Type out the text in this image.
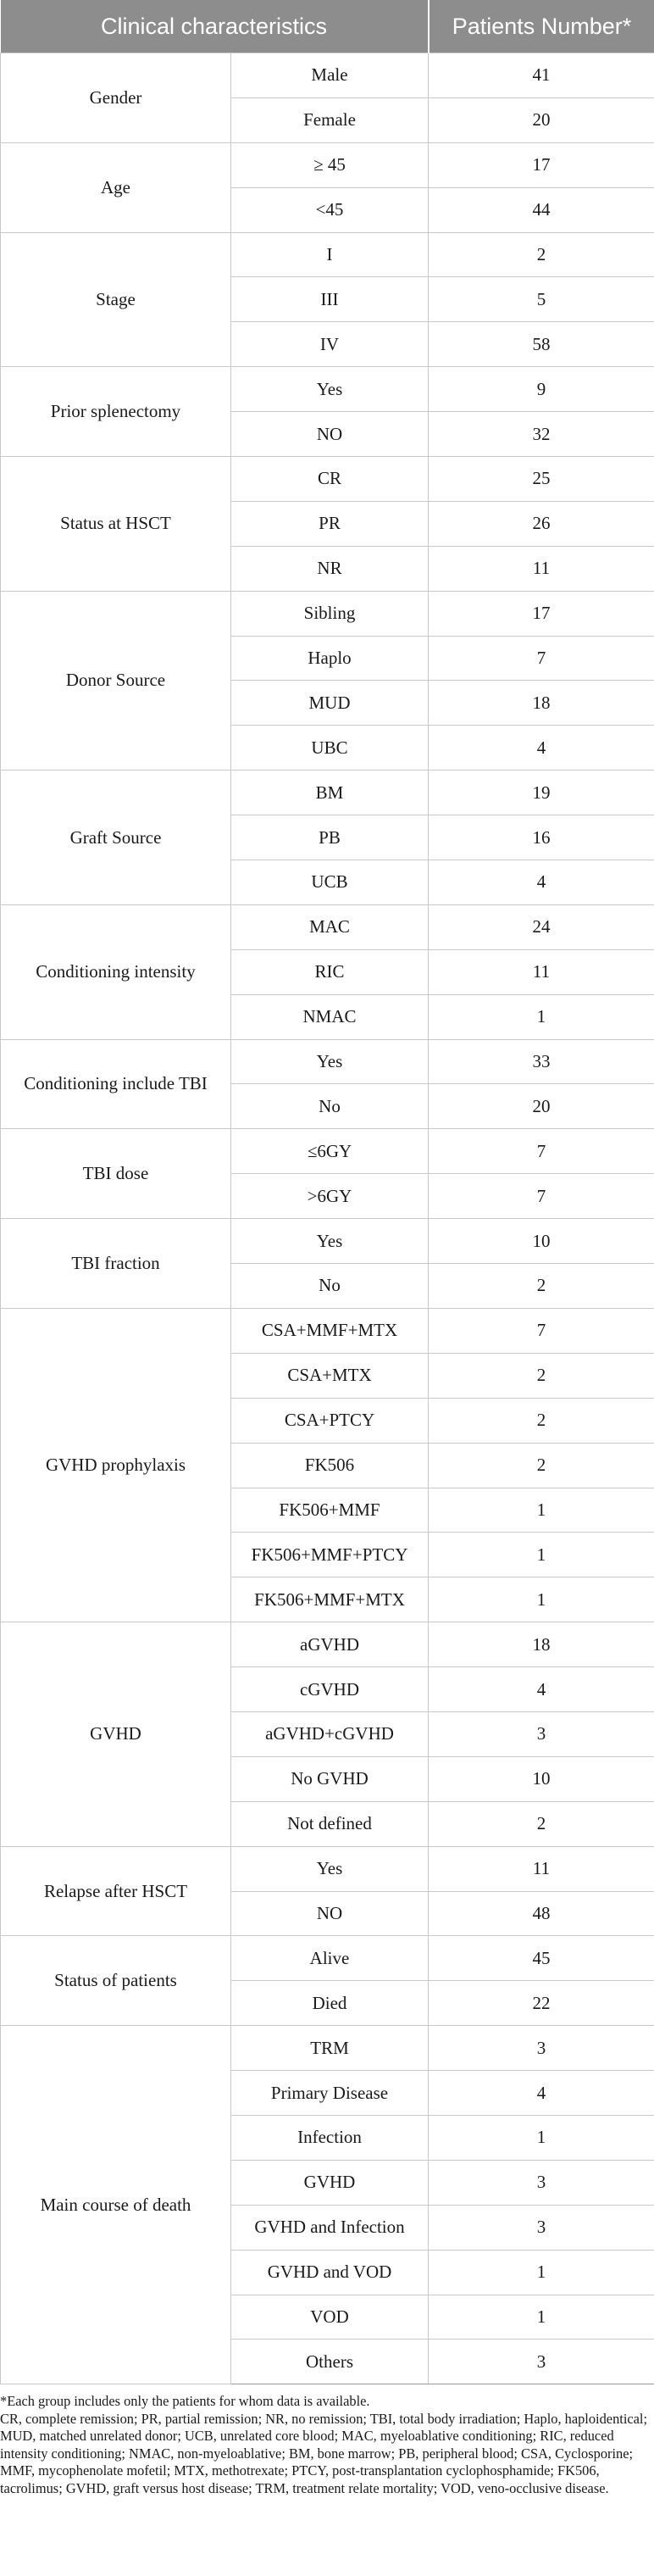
Clinical characteristics		Patients Number*
Gender	Male	41
	Female	20
Age	≥ 45	17
	<45	44
Stage	I	2
	III	5
	IV	58
Prior splenectomy	Yes	9
	NO	32
Status at HSCT	CR	25
	PR	26
	NR	11
Donor Source	Sibling	17
	Haplo	7
	MUD	18
	UBC	4
Graft Source	BM	19
	PB	16
	UCB	4
Conditioning intensity	MAC	24
	RIC	11
	NMAC	1
Conditioning include TBI	Yes	33
	No	20
TBI dose	≤6GY	7
	>6GY	7
TBI fraction	Yes	10
	No	2
GVHD prophylaxis	CSA+MMF+MTX	7
	CSA+MTX	2
	CSA+PTCY	2
	FK506	2
	FK506+MMF	1
	FK506+MMF+PTCY	1
	FK506+MMF+MTX	1
GVHD	aGVHD	18
	cGVHD	4
	aGVHD+cGVHD	3
	No GVHD	10
	Not defined	2
Relapse after HSCT	Yes	11
	NO	48
Status of patients	Alive	45
	Died	22
Main course of death	TRM	3
	Primary Disease	4
	Infection	1
	GVHD	3
	GVHD and Infection	3
	GVHD and VOD	1
	VOD	1
	Others	3

*Each group includes only the patients for whom data is available.

CR, complete remission; PR, partial remission; NR, no remission; TBI, total body irradiation; Haplo, haploidentical; MUD, matched unrelated donor; UCB, unrelated core blood; MAC, myeloablative conditioning; RIC, reduced intensity conditioning; NMAC, non-myeloablative; BM, bone marrow; PB, peripheral blood; CSA, Cyclosporine; MMF, mycophenolate mofetil; MTX, methotrexate; PTCY, post-transplantation cyclophosphamide; FK506, tacrolimus; GVHD, graft versus host disease; TRM, treatment relate mortality; VOD, veno-occlusive disease.
